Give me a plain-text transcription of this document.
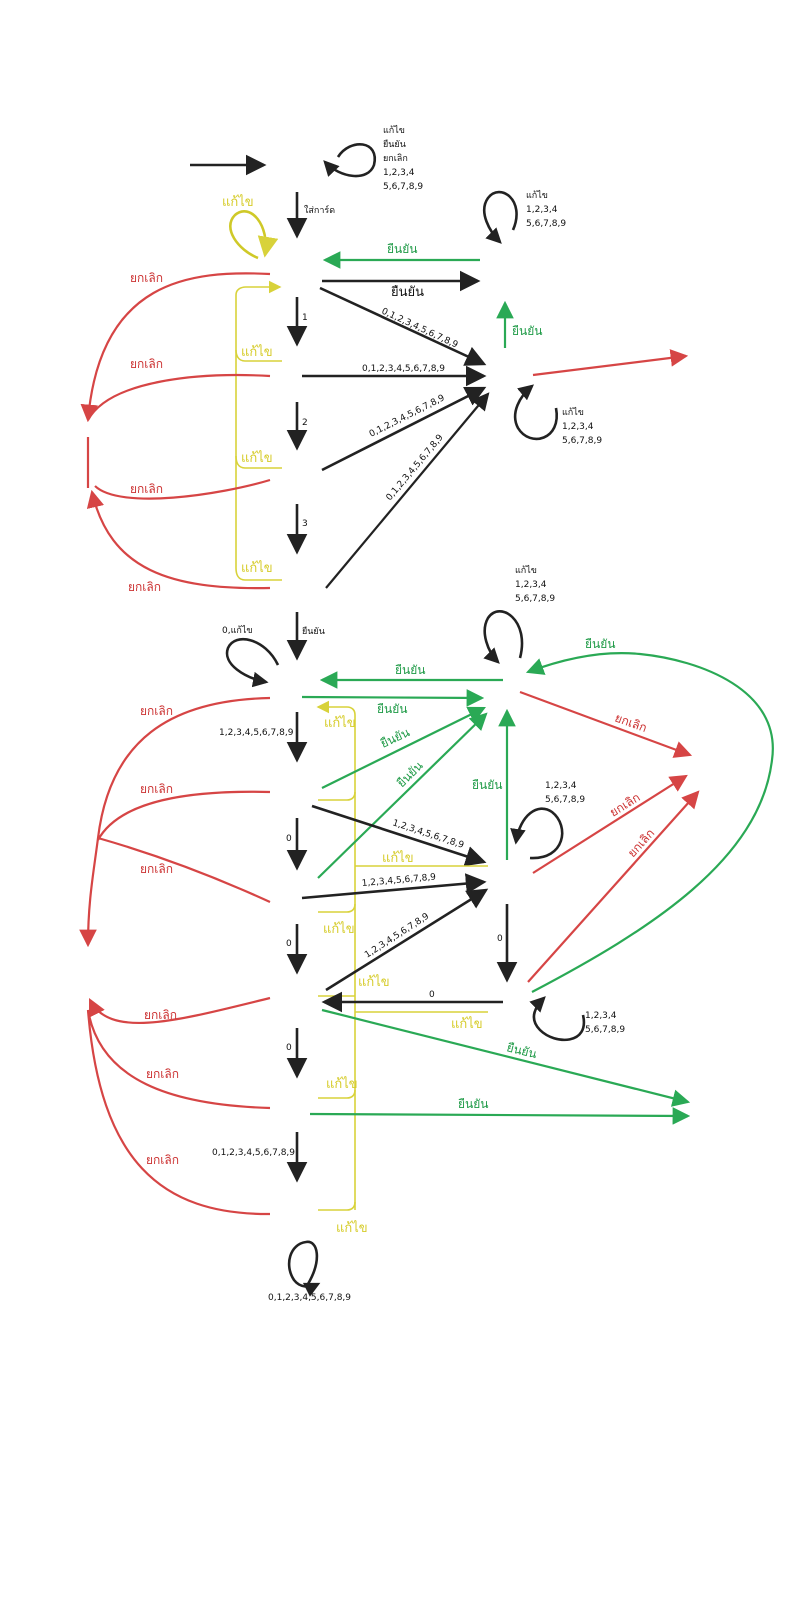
แก้ไข
ยืนยัน
ยกเลิก
1,2,3,4
5,6,7,8,9
ใส่การ์ด
แก้ไข	แก้ไข
1,2,3,4
5,6,7,8,9
ยืนยัน
ยืนยัน
ยืนยัน
แก้ไข
1,2,3,4
5,6,7,8,9
1
2
3
แก้ไข
แก้ไข
แก้ไข
0,1,2,3,4,5,6,7,8,9
0,1,2,3,4,5,6,7,8,9
0,1,2,3,4,5,6,7,8,9
0,1,2,3,4,5,6,7,8,9
ยกเลิก
ยกเลิก
ยกเลิก
ยกเลิก
ยืนยัน
0,แก้ไข
แก้ไข
1,2,3,4
5,6,7,8,9
ยืนยัน
ยืนยัน
ยืนยัน
ยกเลิก
แก้ไข
1,2,3,4,5,6,7,8,9	ยืนยัน
ยืนยัน	ยืนยัน	1,2,3,4
5,6,7,8,9 ยกเลิก
ยกเลิก
ยกเลิก
ยกเลิก
ยกเลิก
1,2,3,4,5,6,7,8,9
แก้ไข
0
1,2,3,4,5,6,7,8,9
แก้ไข
0
0	1,2,3,4,5,6,7,8,9
แก้ไข
0
แก้ไข
1,2,3,4
5,6,7,8,9
ยืนยัน
ยกเลิก
ยกเลิก
0
แก้ไข
ยืนยัน
0,1,2,3,4,5,6,7,8,9
ยกเลิก
แก้ไข
0,1,2,3,4,5,6,7,8,9
